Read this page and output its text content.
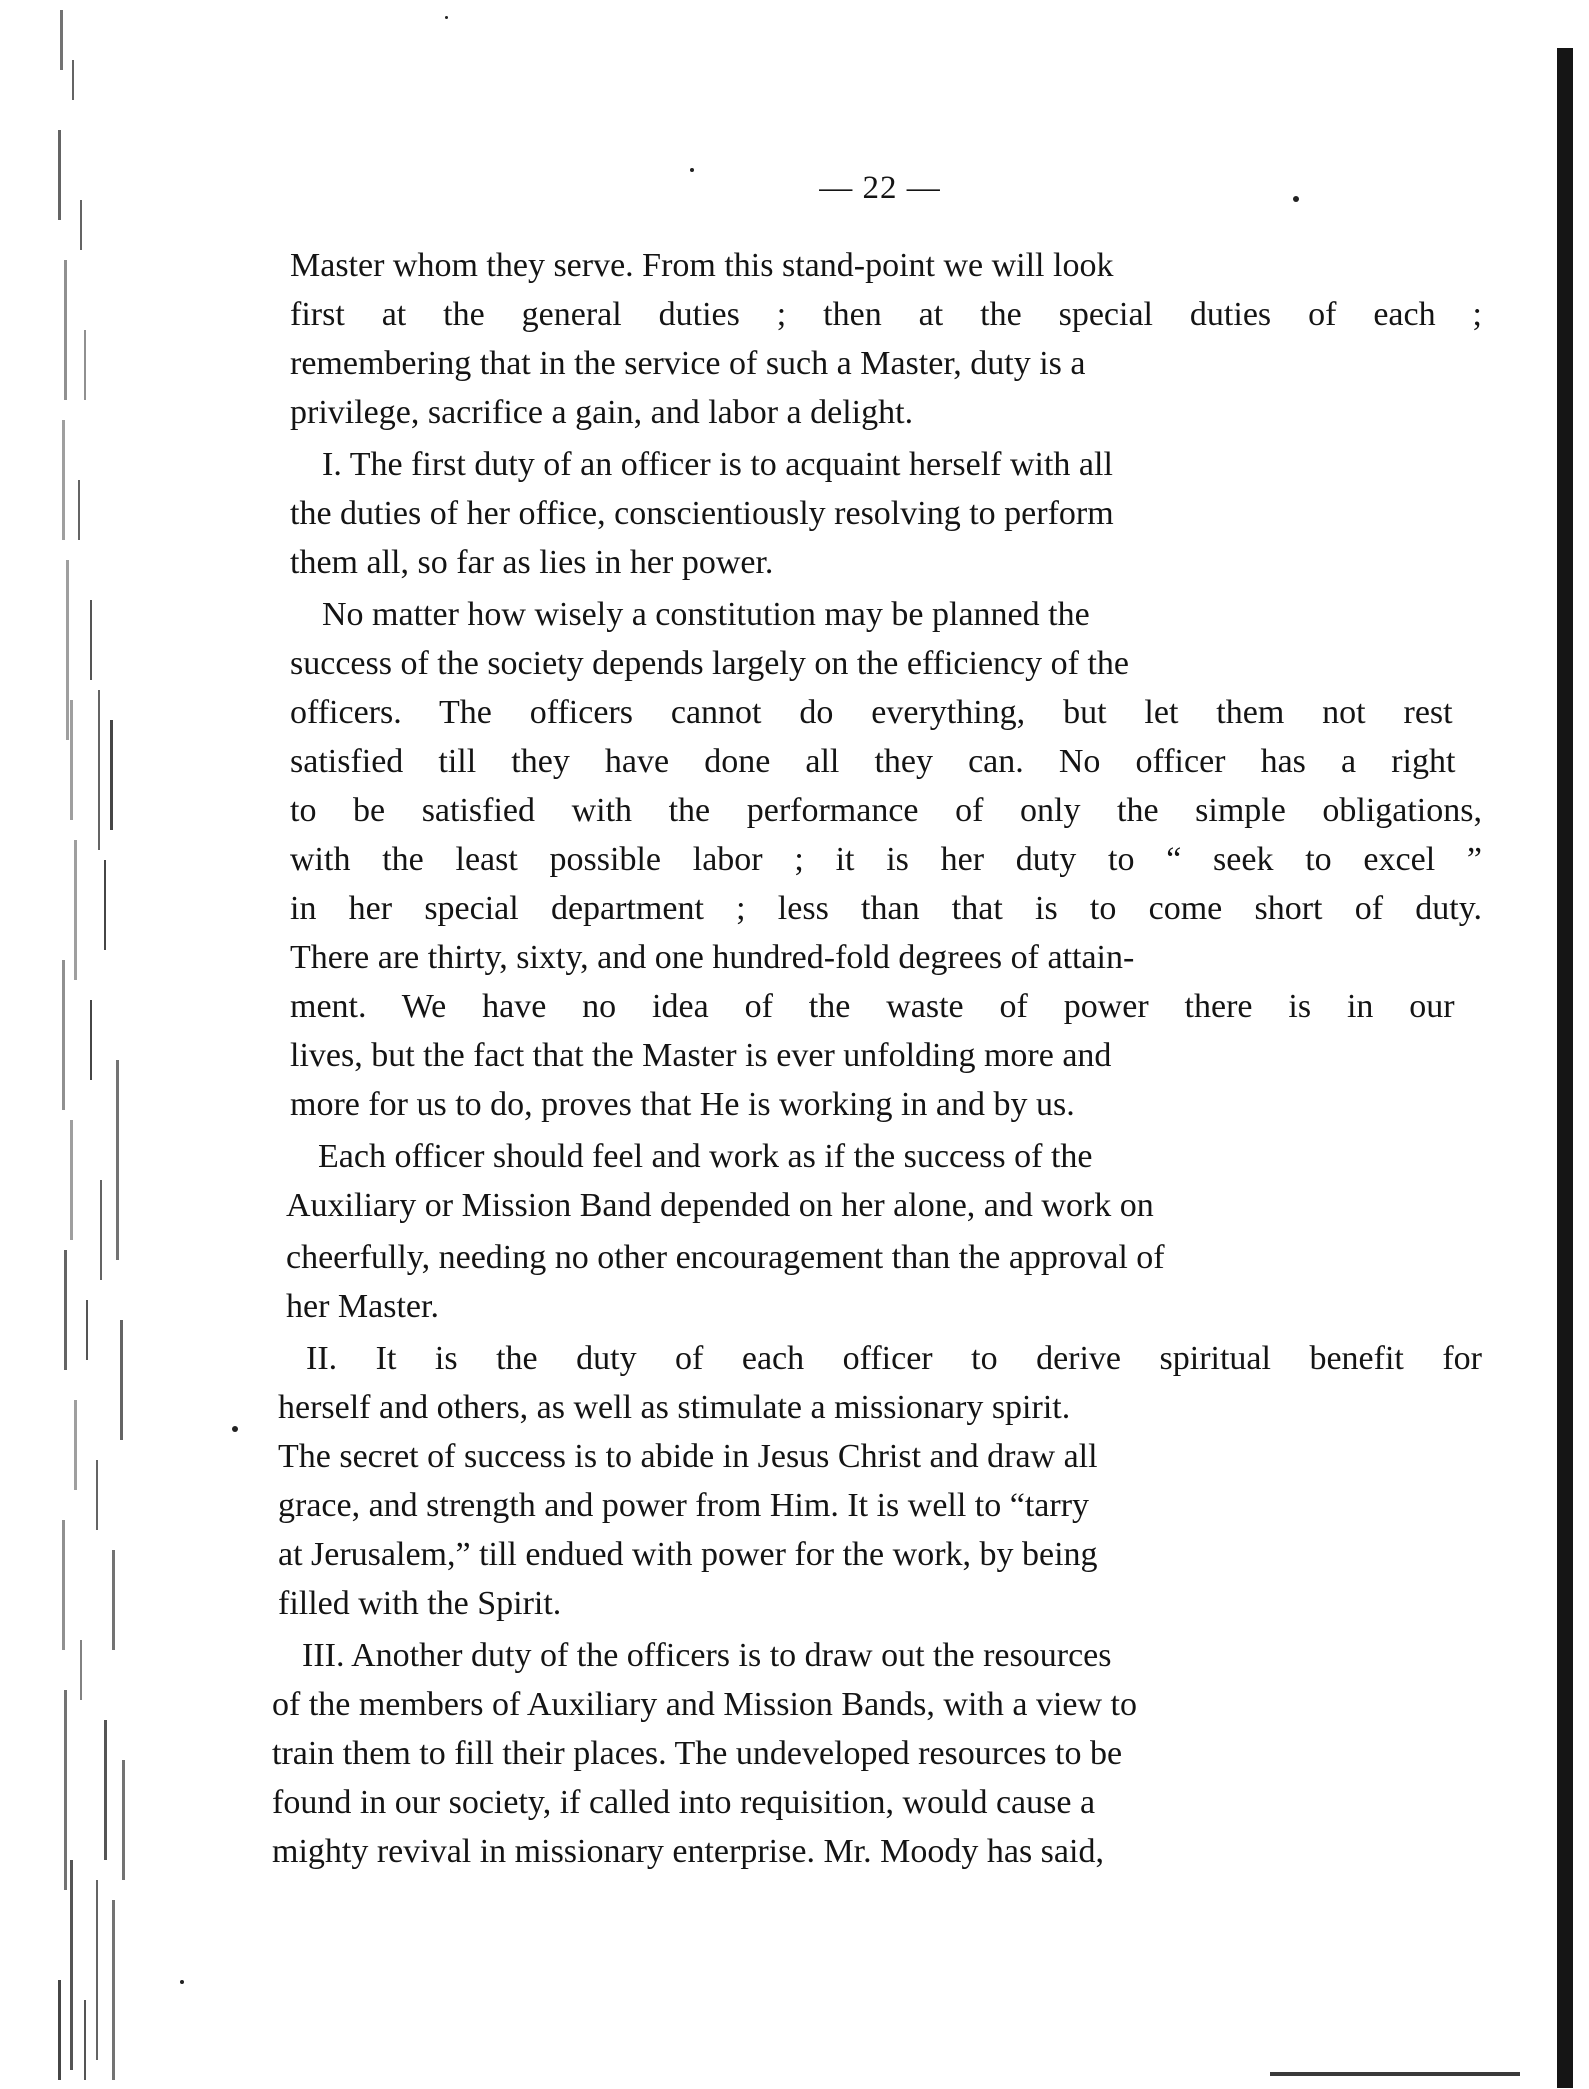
— 22 —
Master whom they serve. From this stand-point we will look
first at the general duties ; then at the special duties of each ;
remembering that in the service of such a Master, duty is a
privilege, sacrifice a gain, and labor a delight.
I. The first duty of an officer is to acquaint herself with all
the duties of her office, conscientiously resolving to perform
them all, so far as lies in her power.
No matter how wisely a constitution may be planned the
success of the society depends largely on the efficiency of the
officers. The officers cannot do everything, but let them not rest
satisfied till they have done all they can. No officer has a right
to be satisfied with the performance of only the simple obligations,
with the least possible labor ; it is her duty to “ seek to excel ”
in her special department ; less than that is to come short of duty.
There are thirty, sixty, and one hundred-fold degrees of attain-
ment. We have no idea of the waste of power there is in our
lives, but the fact that the Master is ever unfolding more and
more for us to do, proves that He is working in and by us.
Each officer should feel and work as if the success of the
Auxiliary or Mission Band depended on her alone, and work on
cheerfully, needing no other encouragement than the approval of
her Master.
II. It is the duty of each officer to derive spiritual benefit for
herself and others, as well as stimulate a missionary spirit.
The secret of success is to abide in Jesus Christ and draw all
grace, and strength and power from Him. It is well to “tarry
at Jerusalem,” till endued with power for the work, by being
filled with the Spirit.
III. Another duty of the officers is to draw out the resources
of the members of Auxiliary and Mission Bands, with a view to
train them to fill their places. The undeveloped resources to be
found in our society, if called into requisition, would cause a
mighty revival in missionary enterprise. Mr. Moody has said,
